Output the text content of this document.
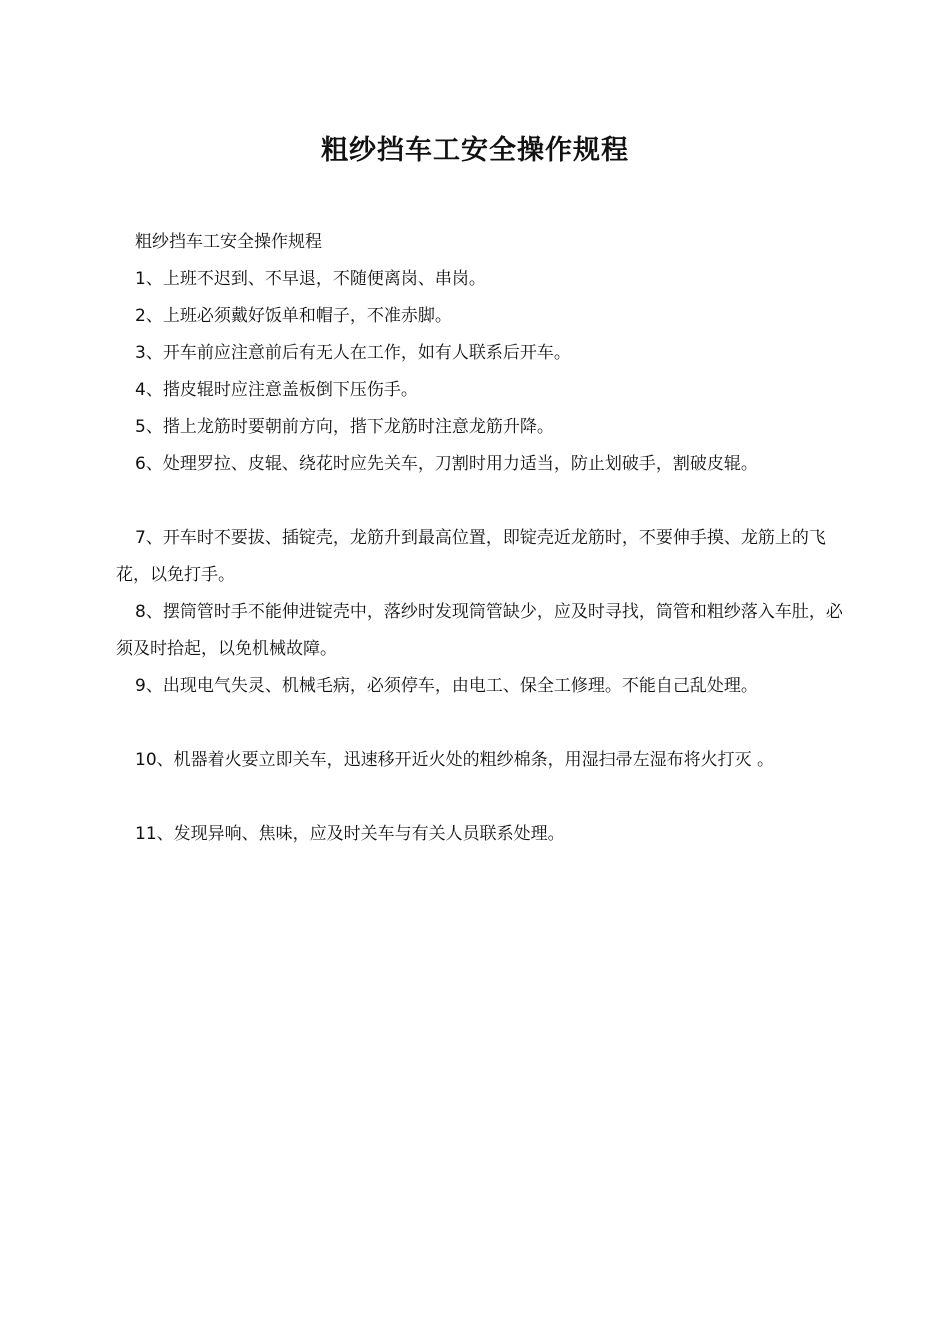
粗纱挡车工安全操作规程

粗纱挡车工安全操作规程

1、上班不迟到、不早退，不随便离岗、串岗。

2、上班必须戴好饭单和帽子，不准赤脚。

3、开车前应注意前后有无人在工作，如有人联系后开车。

4、揩皮辊时应注意盖板倒下压伤手。

5、揩上龙筋时要朝前方向，揩下龙筋时注意龙筋升降。

6、处理罗拉、皮辊、绕花时应先关车，刀割时用力适当，防止划破手，割破皮辊。

7、开车时不要拔、插锭壳，龙筋升到最高位置，即锭壳近龙筋时，不要伸手摸、龙筋上的飞花，以免打手。

8、摆筒管时手不能伸进锭壳中，落纱时发现筒管缺少，应及时寻找，筒管和粗纱落入车肚，必须及时拾起，以免机械故障。

9、出现电气失灵、机械毛病，必须停车，由电工、保全工修理。不能自己乱处理。

10、机器着火要立即关车，迅速移开近火处的粗纱棉条，用湿扫帚左湿布将火打灭 。

11、发现异响、焦味，应及时关车与有关人员联系处理。
